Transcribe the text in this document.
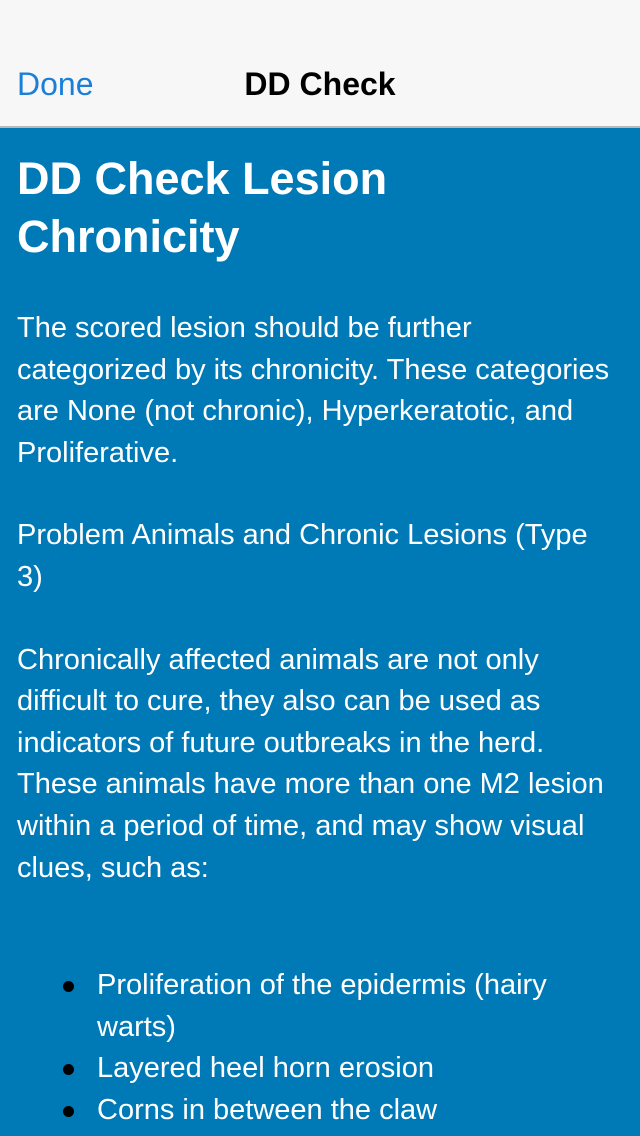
Done	DD Check
DD Check Lesion Chronicity

The scored lesion should be further categorized by its chronicity. These categories are None (not chronic), Hyperkeratotic, and Proliferative.

Problem Animals and Chronic Lesions (Type 3)

Chronically affected animals are not only difficult to cure, they also can be used as indicators of future outbreaks in the herd. These animals have more than one M2 lesion within a period of time, and may show visual clues, such as:

Proliferation of the epidermis (hairy warts)
Layered heel horn erosion
Corns in between the claw
